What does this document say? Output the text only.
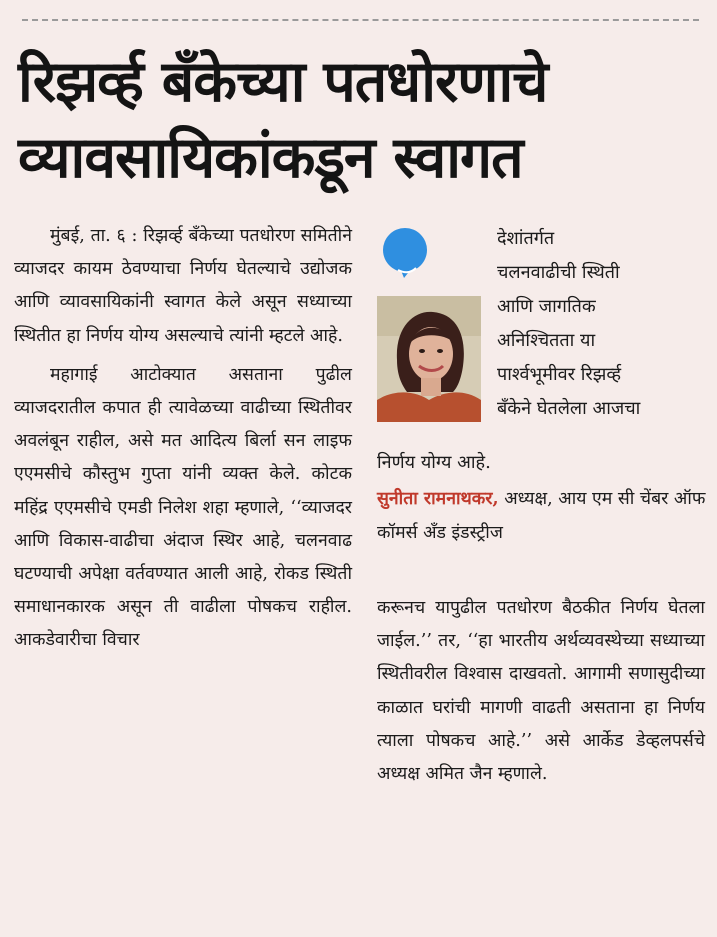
रिझर्व्ह बँकेच्या पतधोरणाचे
व्यावसायिकांकडून स्वागत

मुंबई, ता. ६ : रिझर्व्ह बँकेच्या पतधोरण समितीने व्याजदर कायम ठेवण्याचा निर्णय घेतल्याचे उद्योजक आणि व्यावसायिकांनी स्वागत केले असून सध्याच्या स्थितीत हा निर्णय योग्य असल्याचे त्यांनी म्हटले आहे.

महागाई आटोक्यात असताना पुढील व्याजदरातील कपात ही त्यावेळच्या वाढीच्या स्थितीवर अवलंबून राहील, असे मत आदित्य बिर्ला सन लाइफ एएमसीचे कौस्तुभ गुप्ता यांनी व्यक्त केले. कोटक महिंद्र एएमसीचे एमडी निलेश शहा म्हणाले, ‘‘व्याजदर आणि विकास-वाढीचा अंदाज स्थिर आहे, चलनवाढ घटण्याची अपेक्षा वर्तवण्यात आली आहे, रोकड स्थिती समाधानकारक असून ती वाढीला पोषकच राहील. आकडेवारीचा विचार

देशांतर्गत
चलनवाढीची स्थिती
आणि जागतिक
अनिश्चितता या
पार्श्वभूमीवर रिझर्व्ह
बँकेने घेतलेला आजचा
निर्णय योग्य आहे.
सुनीता रामनाथकर, अध्यक्ष, आय एम सी चेंबर ऑफ कॉमर्स अँड इंडस्ट्रीज

करूनच यापुढील पतधोरण बैठकीत निर्णय घेतला जाईल.’’ तर, ‘‘हा भारतीय अर्थव्यवस्थेच्या सध्याच्या स्थितीवरील विश्वास दाखवतो. आगामी सणासुदीच्या काळात घरांची मागणी वाढती असताना हा निर्णय त्याला पोषकच आहे.’’ असे आर्केड डेव्हलपर्सचे अध्यक्ष अमित जैन म्हणाले.
